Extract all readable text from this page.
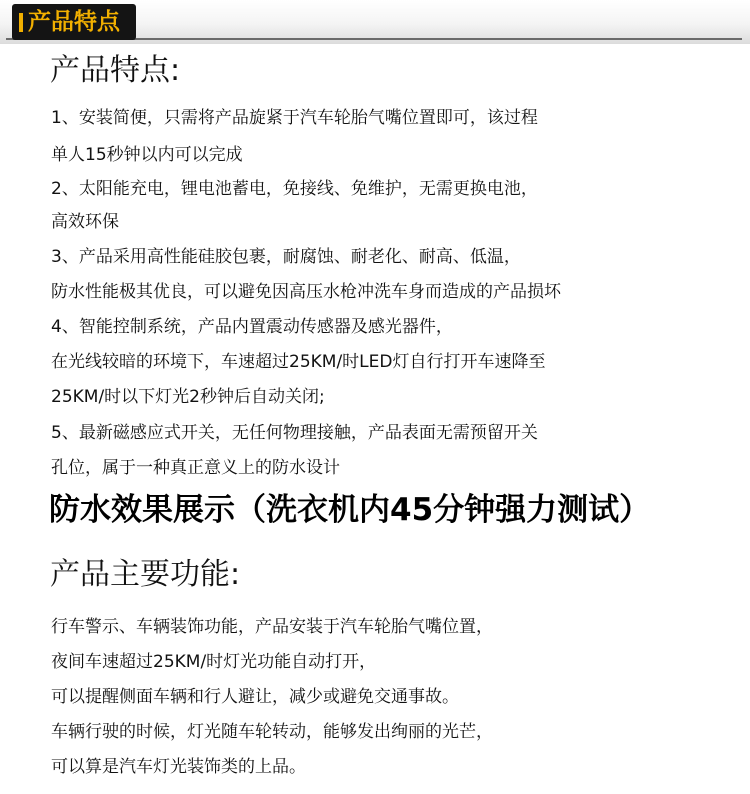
产品特点
产品特点:
1、安装简便，只需将产品旋紧于汽车轮胎气嘴位置即可，该过程
单人15秒钟以内可以完成
2、太阳能充电，锂电池蓄电，免接线、免维护，无需更换电池，
高效环保
3、产品采用高性能硅胶包裹，耐腐蚀、耐老化、耐高、低温，
防水性能极其优良，可以避免因高压水枪冲洗车身而造成的产品损坏
4、智能控制系统，产品内置震动传感器及感光器件，
在光线较暗的环境下，车速超过25KM/时LED灯自行打开车速降至
25KM/时以下灯光2秒钟后自动关闭;
5、最新磁感应式开关，无任何物理接触，产品表面无需预留开关
孔位，属于一种真正意义上的防水设计
防水效果展示（洗衣机内45分钟强力测试）
产品主要功能:
行车警示、车辆装饰功能，产品安装于汽车轮胎气嘴位置，
夜间车速超过25KM/时灯光功能自动打开，
可以提醒侧面车辆和行人避让，减少或避免交通事故。
车辆行驶的时候，灯光随车轮转动，能够发出绚丽的光芒，
可以算是汽车灯光装饰类的上品。
